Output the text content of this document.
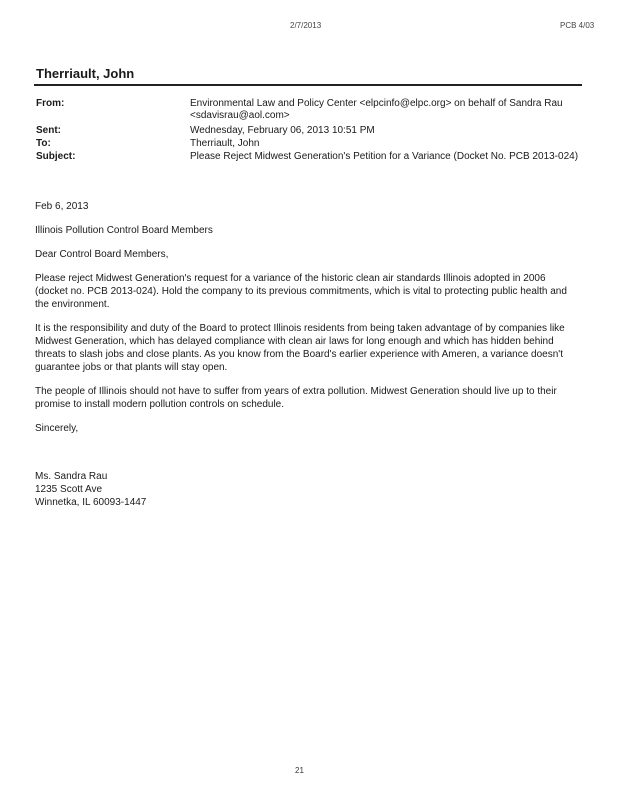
2/7/2013	PCB 4/03
Therriault, John
From:	Environmental Law and Policy Center <elpcinfo@elpc.org> on behalf of Sandra Rau
<sdavisrau@aol.com>
Sent:	Wednesday, February 06, 2013 10:51 PM
To:	Therriault, John
Subject:	Please Reject Midwest Generation's Petition for a Variance (Docket No. PCB 2013-024)

Feb 6, 2013

Illinois Pollution Control Board Members

Dear Control Board Members,

Please reject Midwest Generation's request for a variance of the historic clean air standards Illinois adopted in 2006 (docket no. PCB 2013-024). Hold the company to its previous commitments, which is vital to protecting public health and the environment.

It is the responsibility and duty of the Board to protect Illinois residents from being taken advantage of by companies like Midwest Generation, which has delayed compliance with clean air laws for long enough and which has hidden behind threats to slash jobs and close plants. As you know from the Board's earlier experience with Ameren, a variance doesn't guarantee jobs or that plants will stay open.

The people of Illinois should not have to suffer from years of extra pollution. Midwest Generation should live up to their promise to install modern pollution controls on schedule.

Sincerely,

Ms. Sandra Rau
1235 Scott Ave
Winnetka, IL 60093-1447
21
